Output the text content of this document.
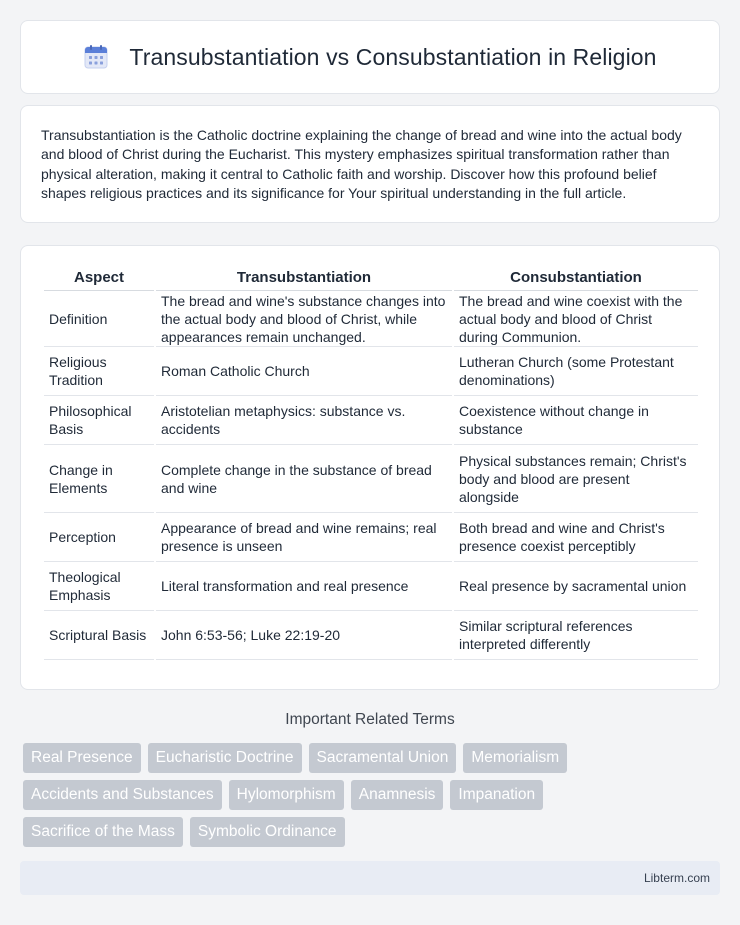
Transubstantiation vs Consubstantiation in Religion

Transubstantiation is the Catholic doctrine explaining the change of bread and wine into the actual body and blood of Christ during the Eucharist. This mystery emphasizes spiritual transformation rather than physical alteration, making it central to Catholic faith and worship. Discover how this profound belief shapes religious practices and its significance for Your spiritual understanding in the full article.

Aspect	Transubstantiation	Consubstantiation
Definition	The bread and wine's substance changes into the actual body and blood of Christ, while appearances remain unchanged.	The bread and wine coexist with the actual body and blood of Christ during Communion.
Religious Tradition	Roman Catholic Church	Lutheran Church (some Protestant denominations)
Philosophical Basis	Aristotelian metaphysics: substance vs. accidents	Coexistence without change in substance
Change in Elements	Complete change in the substance of bread and wine	Physical substances remain; Christ's body and blood are present alongside
Perception	Appearance of bread and wine remains; real presence is unseen	Both bread and wine and Christ's presence coexist perceptibly
Theological Emphasis	Literal transformation and real presence	Real presence by sacramental union
Scriptural Basis	John 6:53-56; Luke 22:19-20	Similar scriptural references interpreted differently
Important Related Terms
Real Presence	Eucharistic Doctrine	Sacramental Union	Memorialism
Accidents and Substances	Hylomorphism	Anamnesis	Impanation
Sacrifice of the Mass	Symbolic Ordinance
Libterm.com
